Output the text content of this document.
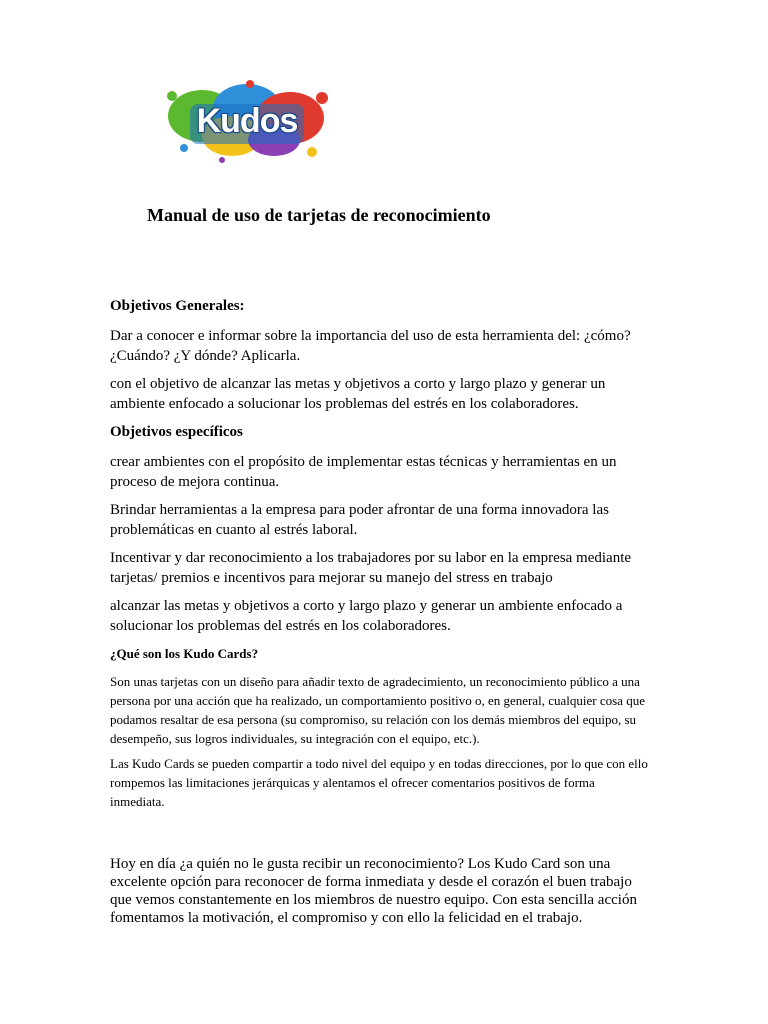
Kudos
Manual de uso de tarjetas de reconocimiento

Objetivos Generales:

Dar a conocer e informar sobre la importancia del uso de esta herramienta del: ¿cómo? ¿Cuándo? ¿Y dónde? Aplicarla.

con el objetivo de alcanzar las metas y objetivos a corto y largo plazo y generar un ambiente enfocado a solucionar los problemas del estrés en los colaboradores.

Objetivos específicos

crear ambientes con el propósito de implementar estas técnicas y herramientas en un proceso de mejora continua.

Brindar herramientas a la empresa para poder afrontar de una forma innovadora las problemáticas en cuanto al estrés laboral.

Incentivar y dar reconocimiento a los trabajadores por su labor en la empresa mediante tarjetas/ premios e incentivos para mejorar su manejo del stress en trabajo

alcanzar las metas y objetivos a corto y largo plazo y generar un ambiente enfocado a solucionar los problemas del estrés en los colaboradores.

¿Qué son los Kudo Cards?

Son unas tarjetas con un diseño para añadir texto de agradecimiento, un reconocimiento público a una persona por una acción que ha realizado, un comportamiento positivo o, en general, cualquier cosa que podamos resaltar de esa persona (su compromiso, su relación con los demás miembros del equipo, su desempeño, sus logros individuales, su integración con el equipo, etc.).

Las Kudo Cards se pueden compartir a todo nivel del equipo y en todas direcciones, por lo que con ello rompemos las limitaciones jerárquicas y alentamos el ofrecer comentarios positivos de forma inmediata.

Hoy en día ¿a quién no le gusta recibir un reconocimiento? Los Kudo Card son una excelente opción para reconocer de forma inmediata y desde el corazón el buen trabajo que vemos constantemente en los miembros de nuestro equipo. Con esta sencilla acción fomentamos la motivación, el compromiso y con ello la felicidad en el trabajo.
